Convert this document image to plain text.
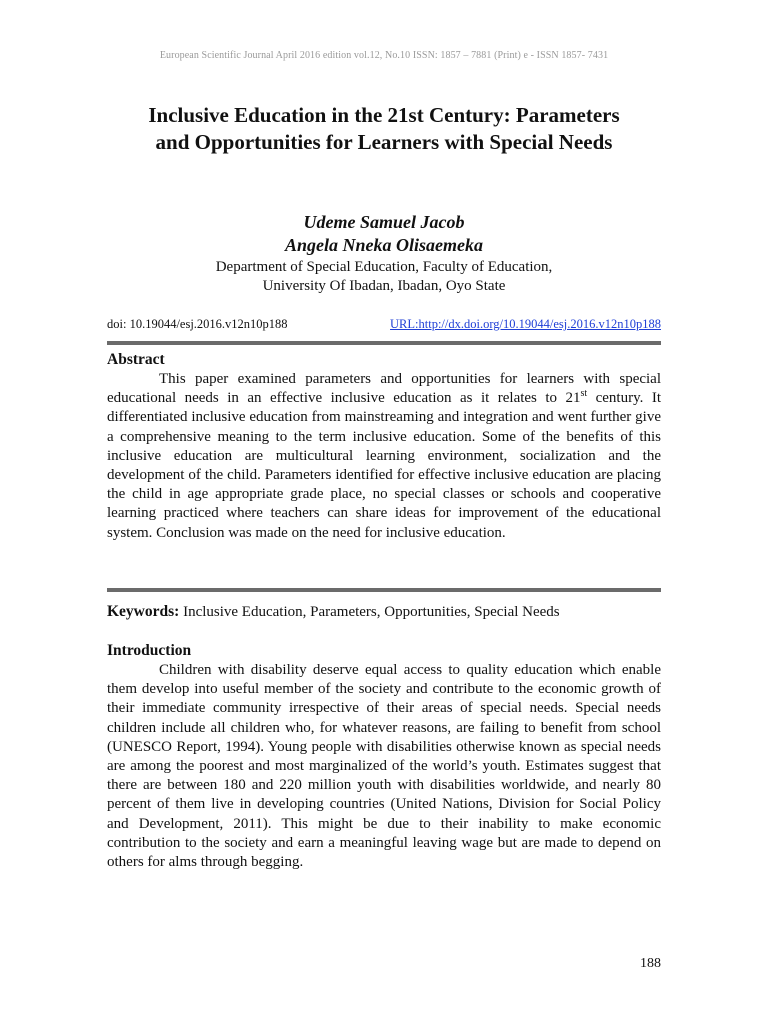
European Scientific Journal April 2016 edition vol.12, No.10 ISSN: 1857 – 7881 (Print) e - ISSN 1857- 7431
Inclusive Education in the 21st Century: Parameters
and Opportunities for Learners with Special Needs
Udeme Samuel Jacob
Angela Nneka Olisaemeka
Department of Special Education, Faculty of Education,
University Of Ibadan, Ibadan, Oyo State
doi: 10.19044/esj.2016.v12n10p188	URL:http://dx.doi.org/10.19044/esj.2016.v12n10p188
Abstract

This paper examined parameters and opportunities for learners with special educational needs in an effective inclusive education as it relates to 21st century. It differentiated inclusive education from mainstreaming and integration and went further give a comprehensive meaning to the term inclusive education. Some of the benefits of this inclusive education are multicultural learning environment, socialization and the development of the child. Parameters identified for effective inclusive education are placing the child in age appropriate grade place, no special classes or schools and cooperative learning practiced where teachers can share ideas for improvement of the educational system. Conclusion was made on the need for inclusive education.

Keywords: Inclusive Education, Parameters, Opportunities, Special Needs
Introduction

Children with disability deserve equal access to quality education which enable them develop into useful member of the society and contribute to the economic growth of their immediate community irrespective of their areas of special needs. Special needs children include all children who, for whatever reasons, are failing to benefit from school (UNESCO Report, 1994). Young people with disabilities otherwise known as special needs are among the poorest and most marginalized of the world’s youth. Estimates suggest that there are between 180 and 220 million youth with disabilities worldwide, and nearly 80 percent of them live in developing countries (United Nations, Division for Social Policy and Development, 2011). This might be due to their inability to make economic contribution to the society and earn a meaningful leaving wage but are made to depend on others for alms through begging.

188
